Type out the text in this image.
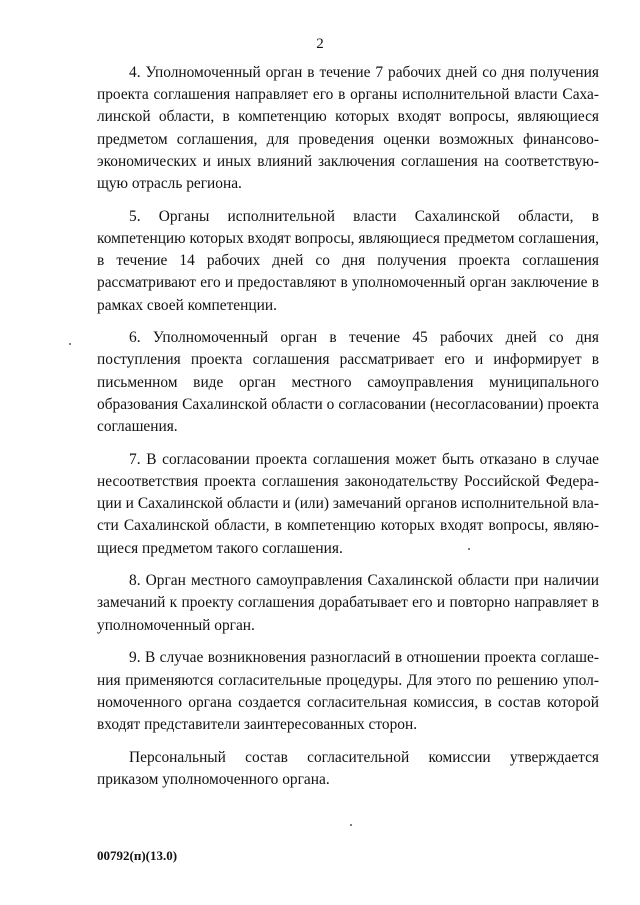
2

4. Уполномоченный орган в течение 7 рабочих дней со дня получения проекта соглашения направляет его в органы исполнительной власти Сахалинской области, в компетенцию которых входят вопросы, являющиеся предметом соглашения, для проведения оценки возможных финансово-экономических и иных влияний заключения соглашения на соответствующую отрасль региона.

5. Органы исполнительной власти Сахалинской области, в компетенцию которых входят вопросы, являющиеся предметом соглашения, в течение 14 рабочих дней со дня получения проекта соглашения рассматривают его и предоставляют в уполномоченный орган заключение в рамках своей компетенции.

6. Уполномоченный орган в течение 45 рабочих дней со дня поступления проекта соглашения рассматривает его и информирует в письменном виде орган местного самоуправления муниципального образования Сахалинской области о согласовании (несогласовании) проекта соглашения.

7. В согласовании проекта соглашения может быть отказано в случае несоответствия проекта соглашения законодательству Российской Федерации и Сахалинской области и (или) замечаний органов исполнительной власти Сахалинской области, в компетенцию которых входят вопросы, являющиеся предметом такого соглашения.

8. Орган местного самоуправления Сахалинской области при наличии замечаний к проекту соглашения дорабатывает его и повторно направляет в уполномоченный орган.

9. В случае возникновения разногласий в отношении проекта соглашения применяются согласительные процедуры. Для этого по решению уполномоченного органа создается согласительная комиссия, в состав которой входят представители заинтересованных сторон.

Персональный состав согласительной комиссии утверждается приказом уполномоченного органа.

00792(п)(13.0)
